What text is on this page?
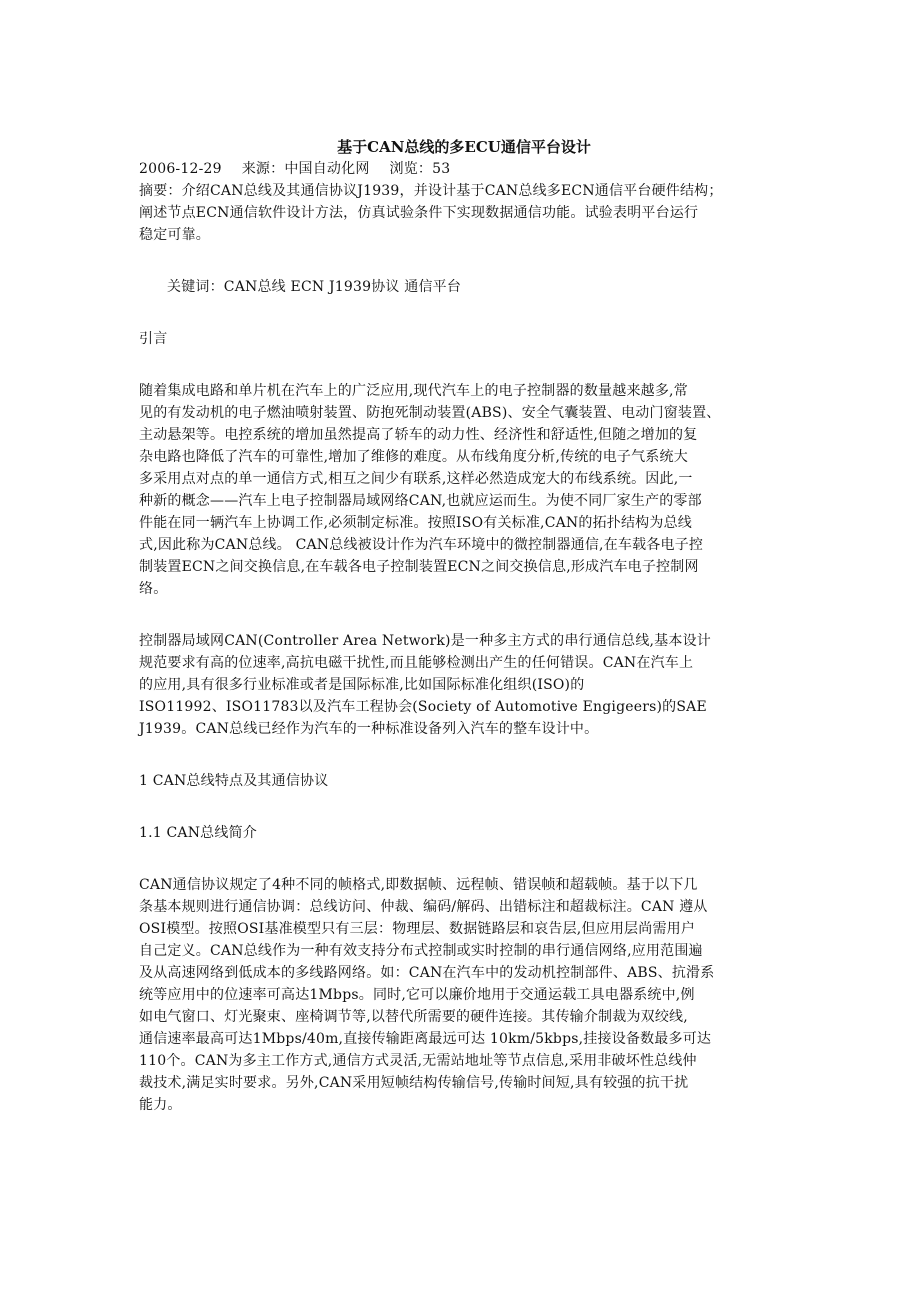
基于CAN总线的多ECU通信平台设计

2006-12-29 来源：中国自动化网 浏览：53

摘要：介绍CAN总线及其通信协议J1939，并设计基于CAN总线多ECN通信平台硬件结构；

阐述节点ECN通信软件设计方法，仿真试验条件下实现数据通信功能。试验表明平台运行

稳定可靠。

关键词：CAN总线 ECN J1939协议 通信平台

引言

随着集成电路和单片机在汽车上的广泛应用,现代汽车上的电子控制器的数量越来越多,常

见的有发动机的电子燃油喷射装置、防抱死制动装置(ABS)、安全气囊装置、电动门窗装置、

主动悬架等。电控系统的增加虽然提高了轿车的动力性、经济性和舒适性,但随之增加的复

杂电路也降低了汽车的可靠性,增加了维修的难度。从布线角度分析,传统的电子气系统大

多采用点对点的单一通信方式,相互之间少有联系,这样必然造成宠大的布线系统。因此,一

种新的概念——汽车上电子控制器局域网络CAN,也就应运而生。为使不同厂家生产的零部

件能在同一辆汽车上协调工作,必须制定标准。按照ISO有关标准,CAN的拓扑结构为总线

式,因此称为CAN总线。 CAN总线被设计作为汽车环境中的微控制器通信,在车载各电子控

制装置ECN之间交换信息,在车载各电子控制装置ECN之间交换信息,形成汽车电子控制网

络。

控制器局域网CAN(Controller Area Network)是一种多主方式的串行通信总线,基本设计

规范要求有高的位速率,高抗电磁干扰性,而且能够检测出产生的任何错误。CAN在汽车上

的应用,具有很多行业标准或者是国际标准,比如国际标准化组织(ISO)的

ISO11992、ISO11783以及汽车工程协会(Society of Automotive Engigeers)的SAE

J1939。CAN总线已经作为汽车的一种标准设备列入汽车的整车设计中。

1 CAN总线特点及其通信协议

1.1 CAN总线简介

CAN通信协议规定了4种不同的帧格式,即数据帧、远程帧、错误帧和超载帧。基于以下几

条基本规则进行通信协调：总线访问、仲裁、编码/解码、出错标注和超裁标注。CAN 遵从

OSI模型。按照OSI基准模型只有三层：物理层、数据链路层和哀告层,但应用层尚需用户

自己定义。CAN总线作为一种有效支持分布式控制或实时控制的串行通信网络,应用范围遍

及从高速网络到低成本的多线路网络。如：CAN在汽车中的发动机控制部件、ABS、抗滑系

统等应用中的位速率可高达1Mbps。同时,它可以廉价地用于交通运载工具电器系统中,例

如电气窗口、灯光聚束、座椅调节等,以替代所需要的硬件连接。其传输介制裁为双绞线,

通信速率最高可达1Mbps/40m,直接传输距离最远可达 10km/5kbps,挂接设备数最多可达

110个。CAN为多主工作方式,通信方式灵活,无需站地址等节点信息,采用非破坏性总线仲

裁技术,满足实时要求。另外,CAN采用短帧结构传输信号,传输时间短,具有较强的抗干扰

能力。
